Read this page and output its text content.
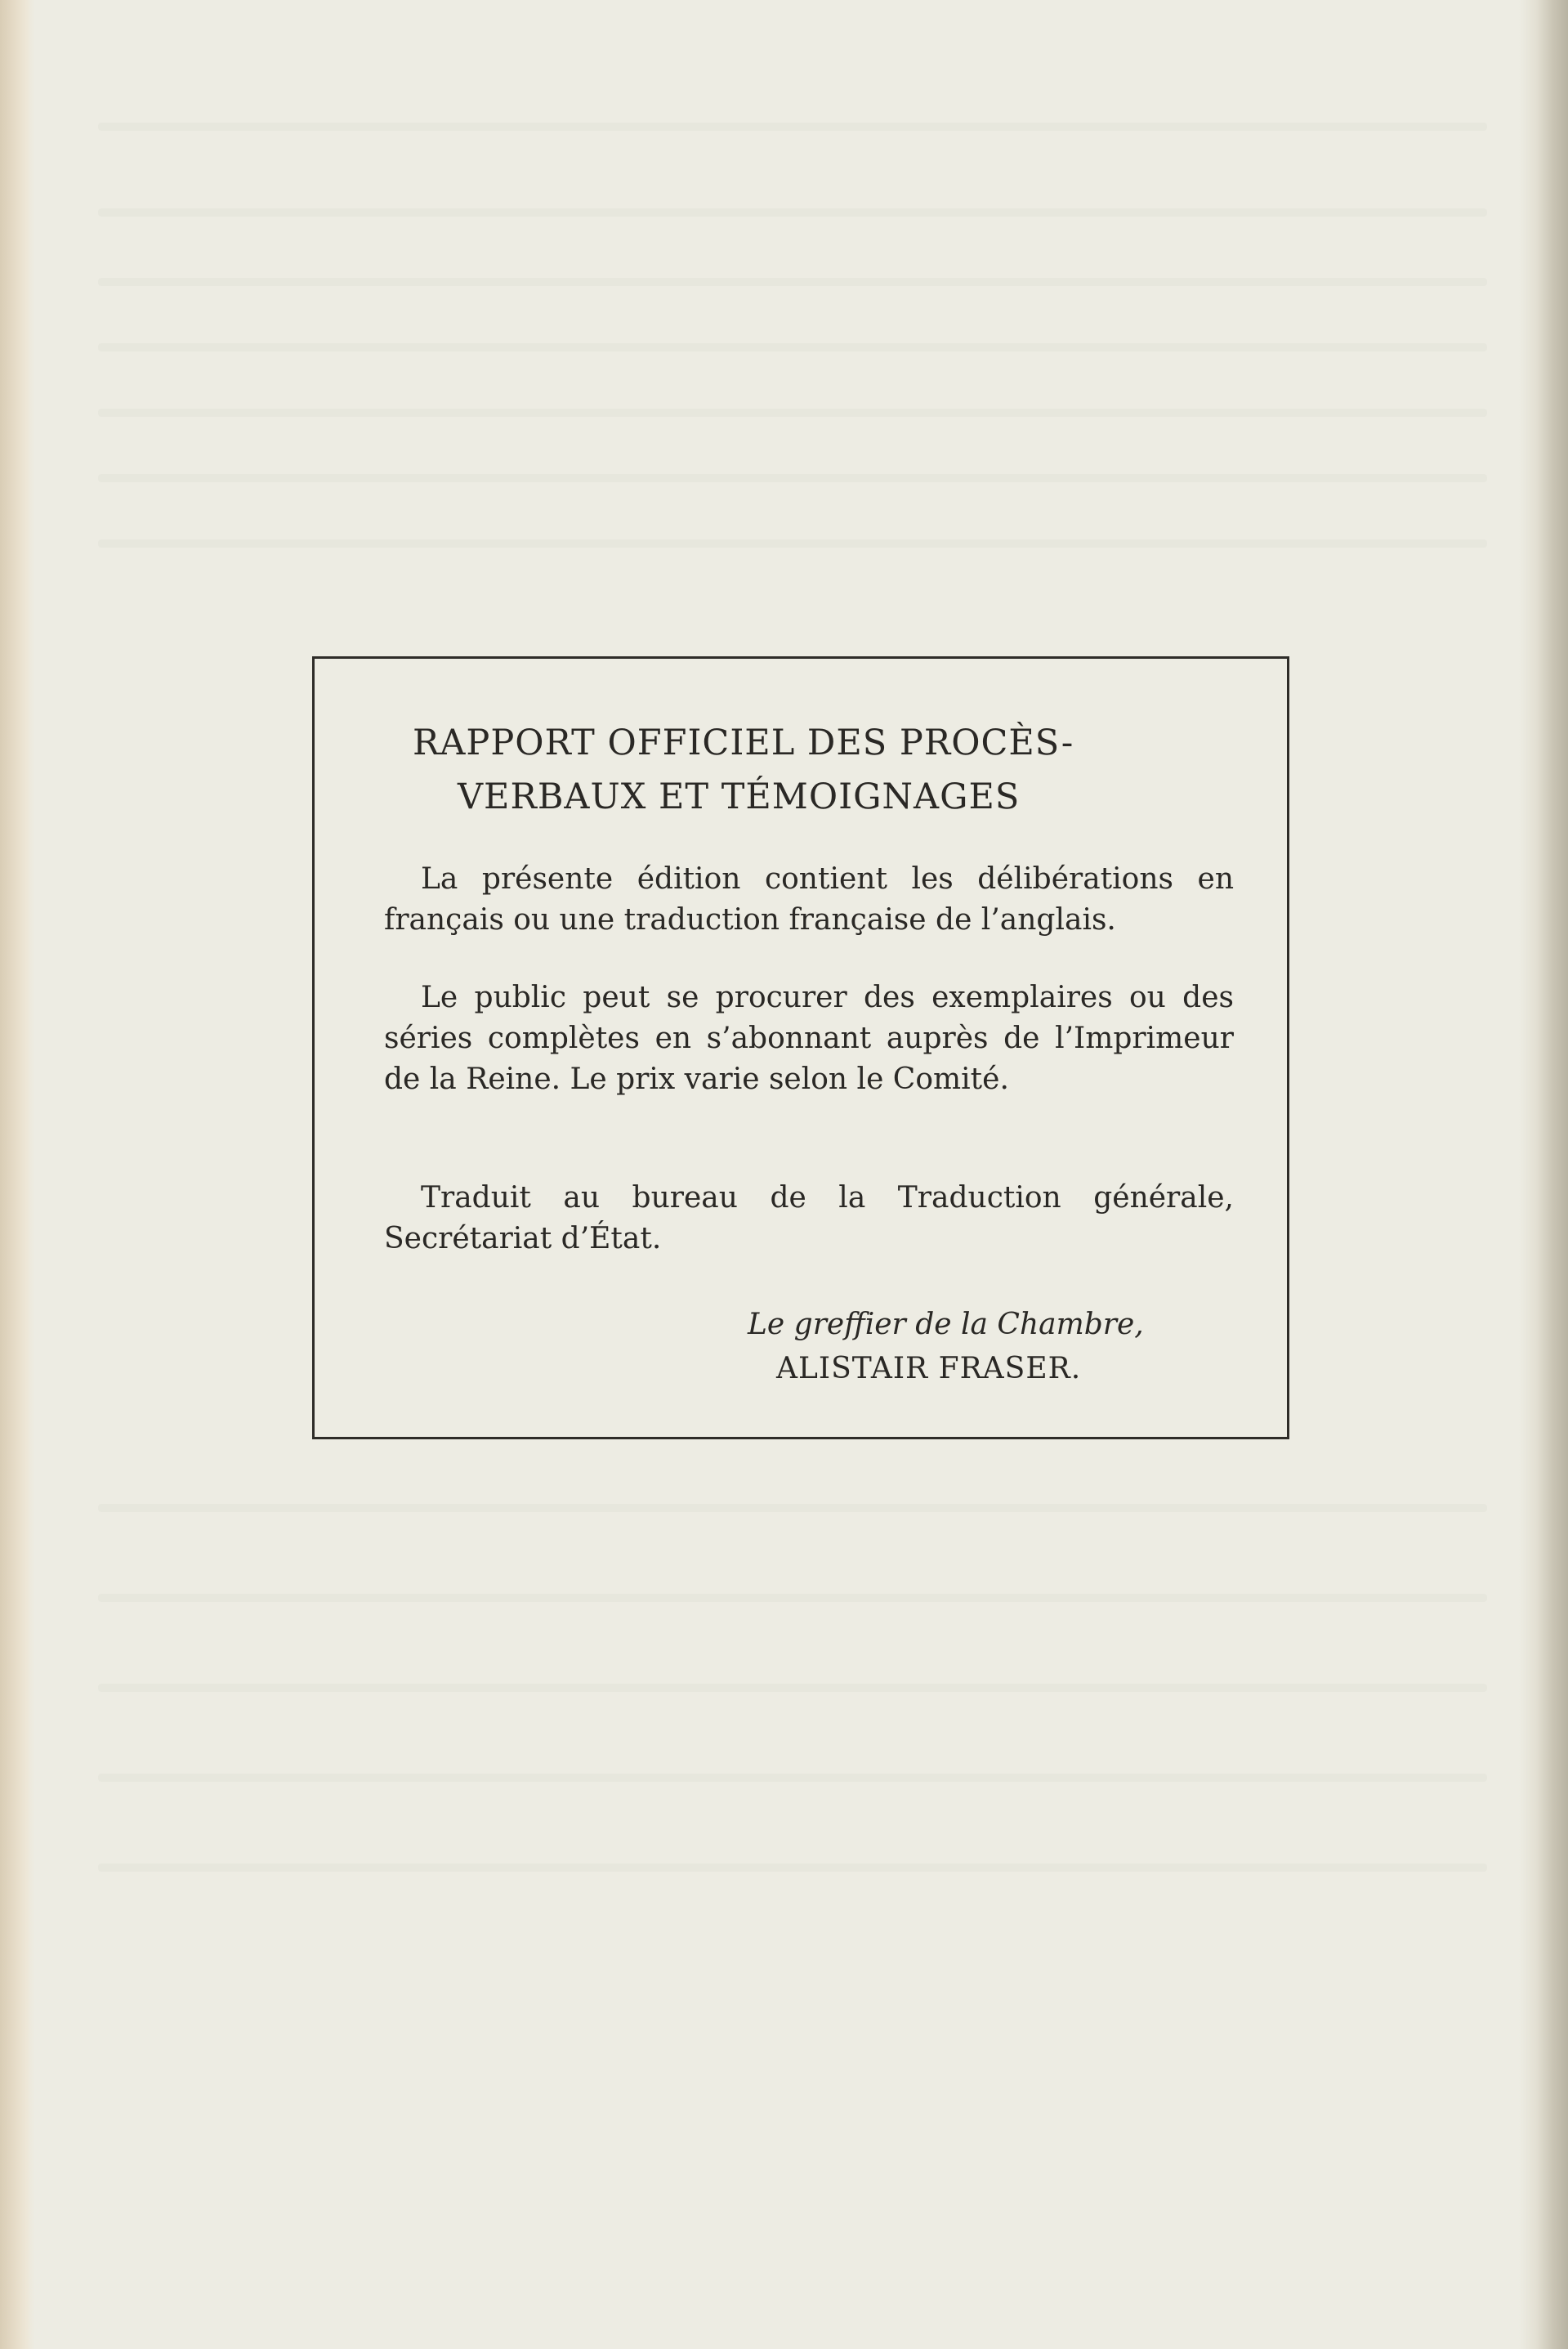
RAPPORT OFFICIEL DES PROCÈS-
VERBAUX ET TÉMOIGNAGES

La présente édition contient les délibérations en français ou une traduction française de l’anglais.

Le public peut se procurer des exemplaires ou des séries complètes en s’abonnant auprès de l’Imprimeur de la Reine. Le prix varie selon le Comité.

Traduit au bureau de la Traduction générale, Secrétariat d’État.

Le greffier de la Chambre,
ALISTAIR FRASER.
